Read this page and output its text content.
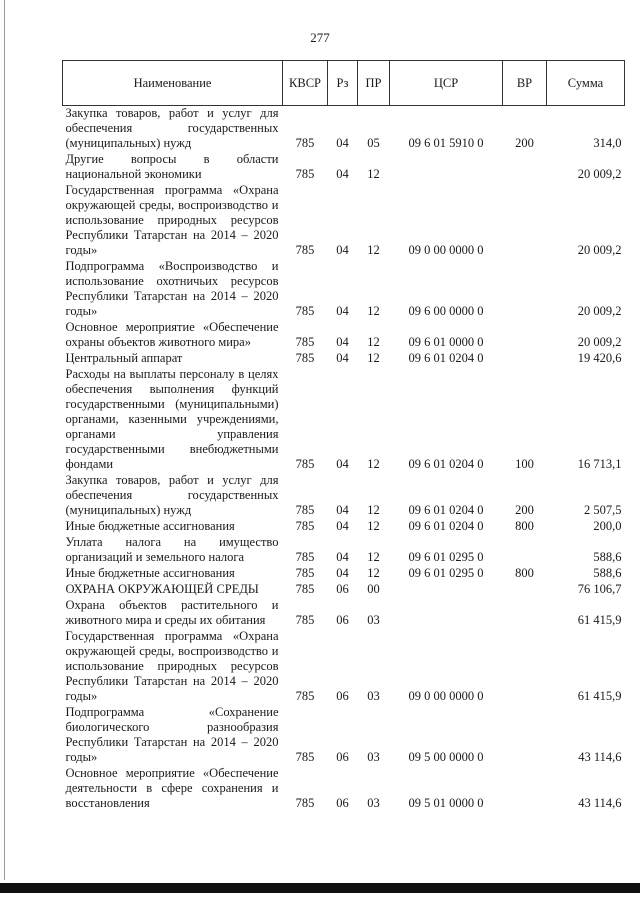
277
Наименование	КВСР	Рз	ПР	ЦСР	ВР	Сумма
Закупка товаров, работ и услуг для обеспечения государственных (муниципальных) нужд	785	04	05	09 6 01 5910 0	200	314,0
Другие вопросы в области национальной экономики	785	04	12			20 009,2
Государственная программа «Охрана окружающей среды, воспроизводство и использование природных ресурсов Республики Татарстан на 2014 – 2020 годы»	785	04	12	09 0 00 0000 0		20 009,2
Подпрограмма «Воспроизводство и использование охотничьих ресурсов Республики Татарстан на 2014 – 2020 годы»	785	04	12	09 6 00 0000 0		20 009,2
Основное мероприятие «Обеспечение охраны объектов животного мира»	785	04	12	09 6 01 0000 0		20 009,2
Центральный аппарат	785	04	12	09 6 01 0204 0		19 420,6
Расходы на выплаты персоналу в целях обеспечения выполнения функций государственными (муниципальными) органами, казенными учреждениями, органами управления государственными внебюджетными фондами	785	04	12	09 6 01 0204 0	100	16 713,1
Закупка товаров, работ и услуг для обеспечения государственных (муниципальных) нужд	785	04	12	09 6 01 0204 0	200	2 507,5
Иные бюджетные ассигнования	785	04	12	09 6 01 0204 0	800	200,0
Уплата налога на имущество организаций и земельного налога	785	04	12	09 6 01 0295 0		588,6
Иные бюджетные ассигнования	785	04	12	09 6 01 0295 0	800	588,6
ОХРАНА ОКРУЖАЮЩЕЙ СРЕДЫ	785	06	00			76 106,7
Охрана объектов растительного и животного мира и среды их обитания	785	06	03			61 415,9
Государственная программа «Охрана окружающей среды, воспроизводство и использование природных ресурсов Республики Татарстан на 2014 – 2020 годы»	785	06	03	09 0 00 0000 0		61 415,9
Подпрограмма «Сохранение биологического разнообразия Республики Татарстан на 2014 – 2020 годы»	785	06	03	09 5 00 0000 0		43 114,6
Основное мероприятие «Обеспечение деятельности в сфере сохранения и восстановления	785	06	03	09 5 01 0000 0		43 114,6
